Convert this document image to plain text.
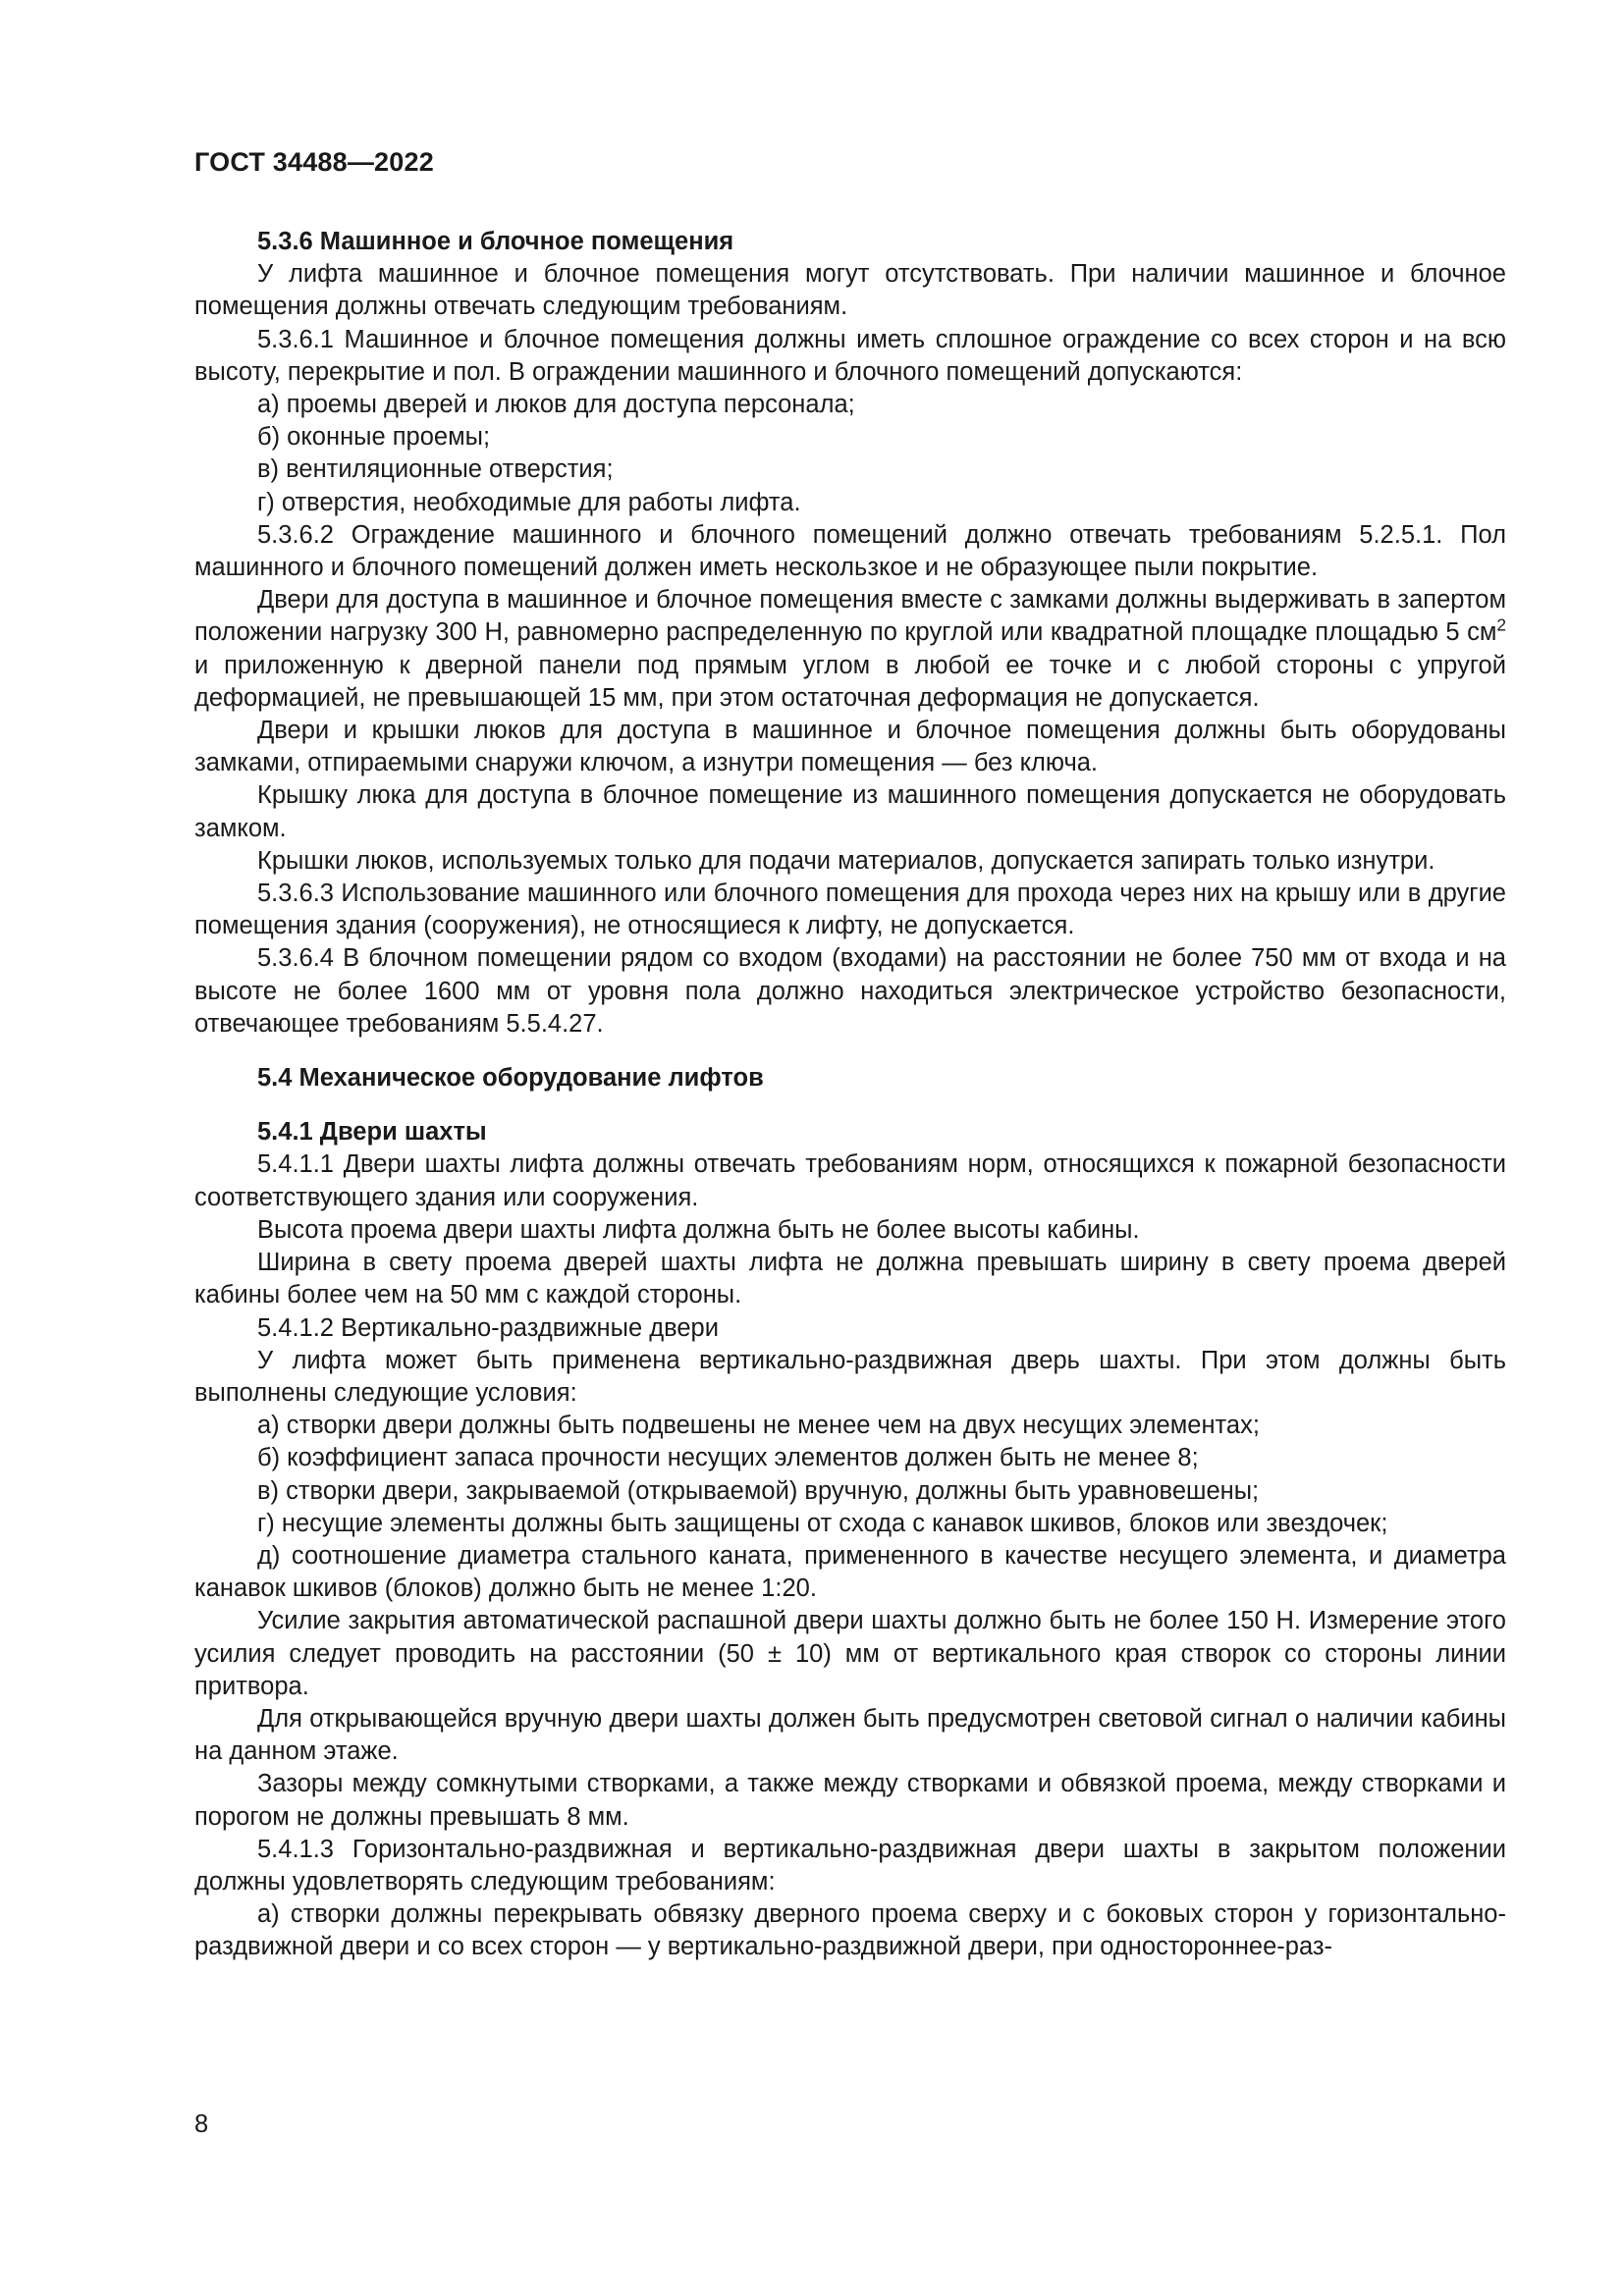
ГОСТ 34488—2022

5.3.6 Машинное и блочное помещения

У лифта машинное и блочное помещения могут отсутствовать. При наличии машинное и блочное помещения должны отвечать следующим требованиям.

5.3.6.1 Машинное и блочное помещения должны иметь сплошное ограждение со всех сторон и на всю высоту, перекрытие и пол. В ограждении машинного и блочного помещений допускаются:

а) проемы дверей и люков для доступа персонала;

б) оконные проемы;

в) вентиляционные отверстия;

г) отверстия, необходимые для работы лифта.

5.3.6.2 Ограждение машинного и блочного помещений должно отвечать требованиям 5.2.5.1. Пол машинного и блочного помещений должен иметь нескользкое и не образующее пыли покрытие.

Двери для доступа в машинное и блочное помещения вместе с замками должны выдерживать в запертом положении нагрузку 300 Н, равномерно распределенную по круглой или квадратной площадке площадью 5 $см^2$ и приложенную к дверной панели под прямым углом в любой ее точке и с любой стороны с упругой деформацией, не превышающей 15 мм, при этом остаточная деформация не допускается.

Двери и крышки люков для доступа в машинное и блочное помещения должны быть оборудованы замками, отпираемыми снаружи ключом, а изнутри помещения — без ключа.

Крышку люка для доступа в блочное помещение из машинного помещения допускается не оборудовать замком.

Крышки люков, используемых только для подачи материалов, допускается запирать только изнутри.

5.3.6.3 Использование машинного или блочного помещения для прохода через них на крышу или в другие помещения здания (сооружения), не относящиеся к лифту, не допускается.

5.3.6.4 В блочном помещении рядом со входом (входами) на расстоянии не более 750 мм от входа и на высоте не более 1600 мм от уровня пола должно находиться электрическое устройство безопасности, отвечающее требованиям 5.5.4.27.

5.4 Механическое оборудование лифтов

5.4.1 Двери шахты

5.4.1.1 Двери шахты лифта должны отвечать требованиям норм, относящихся к пожарной безопасности соответствующего здания или сооружения.

Высота проема двери шахты лифта должна быть не более высоты кабины.

Ширина в свету проема дверей шахты лифта не должна превышать ширину в свету проема дверей кабины более чем на 50 мм с каждой стороны.

5.4.1.2 Вертикально-раздвижные двери

У лифта может быть применена вертикально-раздвижная дверь шахты. При этом должны быть выполнены следующие условия:

а) створки двери должны быть подвешены не менее чем на двух несущих элементах;

б) коэффициент запаса прочности несущих элементов должен быть не менее 8;

в) створки двери, закрываемой (открываемой) вручную, должны быть уравновешены;

г) несущие элементы должны быть защищены от схода с канавок шкивов, блоков или звездочек;

д) соотношение диаметра стального каната, примененного в качестве несущего элемента, и диаметра канавок шкивов (блоков) должно быть не менее 1:20.

Усилие закрытия автоматической распашной двери шахты должно быть не более 150 Н. Измерение этого усилия следует проводить на расстоянии (50 ± 10) мм от вертикального края створок со стороны линии притвора.

Для открывающейся вручную двери шахты должен быть предусмотрен световой сигнал о наличии кабины на данном этаже.

Зазоры между сомкнутыми створками, а также между створками и обвязкой проема, между створками и порогом не должны превышать 8 мм.

5.4.1.3 Горизонтально-раздвижная и вертикально-раздвижная двери шахты в закрытом положении должны удовлетворять следующим требованиям:

а) створки должны перекрывать обвязку дверного проема сверху и с боковых сторон у горизонтально-раздвижной двери и со всех сторон — у вертикально-раздвижной двери, при одностороннее-раз-

8
